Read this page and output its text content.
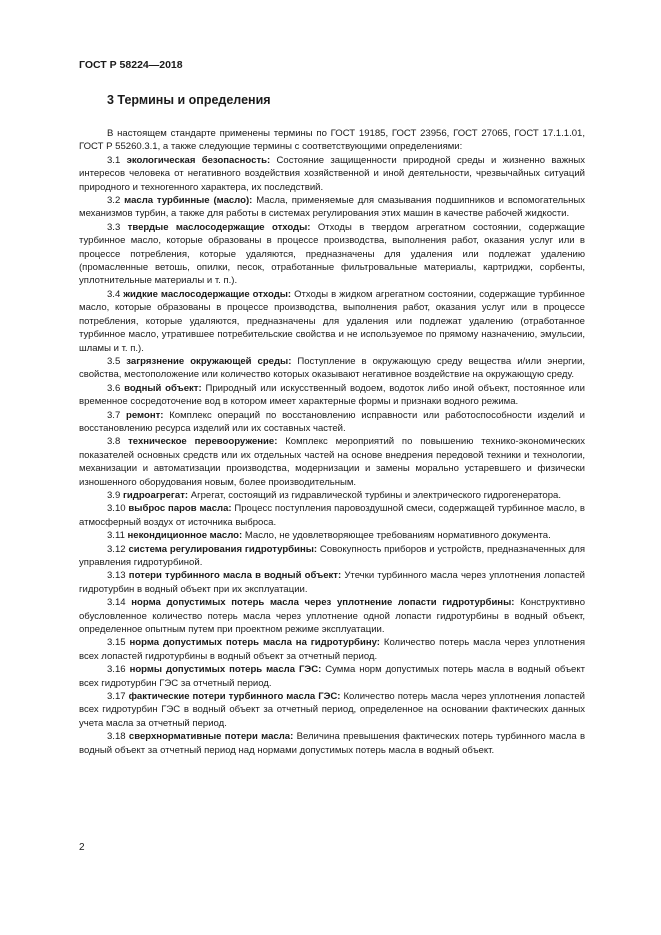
ГОСТ Р 58224—2018
3 Термины и определения

В настоящем стандарте применены термины по ГОСТ 19185, ГОСТ 23956, ГОСТ 27065, ГОСТ 17.1.1.01, ГОСТ Р 55260.3.1, а также следующие термины с соответствующими определениями:

3.1 экологическая безопасность: Состояние защищенности природной среды и жизненно важных интересов человека от негативного воздействия хозяйственной и иной деятельности, чрезвычайных ситуаций природного и техногенного характера, их последствий.

3.2 масла турбинные (масло): Масла, применяемые для смазывания подшипников и вспомогательных механизмов турбин, а также для работы в системах регулирования этих машин в качестве рабочей жидкости.

3.3 твердые маслосодержащие отходы: Отходы в твердом агрегатном состоянии, содержащие турбинное масло, которые образованы в процессе производства, выполнения работ, оказания услуг или в процессе потребления, которые удаляются, предназначены для удаления или подлежат удалению (промасленные ветошь, опилки, песок, отработанные фильтровальные материалы, картриджи, сорбенты, уплотнительные материалы и т. п.).

3.4 жидкие маслосодержащие отходы: Отходы в жидком агрегатном состоянии, содержащие турбинное масло, которые образованы в процессе производства, выполнения работ, оказания услуг или в процессе потребления, которые удаляются, предназначены для удаления или подлежат удалению (отработанное турбинное масло, утратившее потребительские свойства и не используемое по прямому назначению, эмульсии, шламы и т. п.).

3.5 загрязнение окружающей среды: Поступление в окружающую среду вещества и/или энергии, свойства, местоположение или количество которых оказывают негативное воздействие на окружающую среду.

3.6 водный объект: Природный или искусственный водоем, водоток либо иной объект, постоянное или временное сосредоточение вод в котором имеет характерные формы и признаки водного режима.

3.7 ремонт: Комплекс операций по восстановлению исправности или работоспособности изделий и восстановлению ресурса изделий или их составных частей.

3.8 техническое перевооружение: Комплекс мероприятий по повышению технико-экономических показателей основных средств или их отдельных частей на основе внедрения передовой техники и технологии, механизации и автоматизации производства, модернизации и замены морально устаревшего и физически изношенного оборудования новым, более производительным.

3.9 гидроагрегат: Агрегат, состоящий из гидравлической турбины и электрического гидрогенератора.

3.10 выброс паров масла: Процесс поступления паровоздушной смеси, содержащей турбинное масло, в атмосферный воздух от источника выброса.

3.11 некондиционное масло: Масло, не удовлетворяющее требованиям нормативного документа.

3.12 система регулирования гидротурбины: Совокупность приборов и устройств, предназначенных для управления гидротурбиной.

3.13 потери турбинного масла в водный объект: Утечки турбинного масла через уплотнения лопастей гидротурбин в водный объект при их эксплуатации.

3.14 норма допустимых потерь масла через уплотнение лопасти гидротурбины: Конструктивно обусловленное количество потерь масла через уплотнение одной лопасти гидротурбины в водный объект, определенное опытным путем при проектном режиме эксплуатации.

3.15 норма допустимых потерь масла на гидротурбину: Количество потерь масла через уплотнения всех лопастей гидротурбины в водный объект за отчетный период.

3.16 нормы допустимых потерь масла ГЭС: Сумма норм допустимых потерь масла в водный объект всех гидротурбин ГЭС за отчетный период.

3.17 фактические потери турбинного масла ГЭС: Количество потерь масла через уплотнения лопастей всех гидротурбин ГЭС в водный объект за отчетный период, определенное на основании фактических данных учета масла за отчетный период.

3.18 сверхнормативные потери масла: Величина превышения фактических потерь турбинного масла в водный объект за отчетный период над нормами допустимых потерь масла в водный объект.

2
